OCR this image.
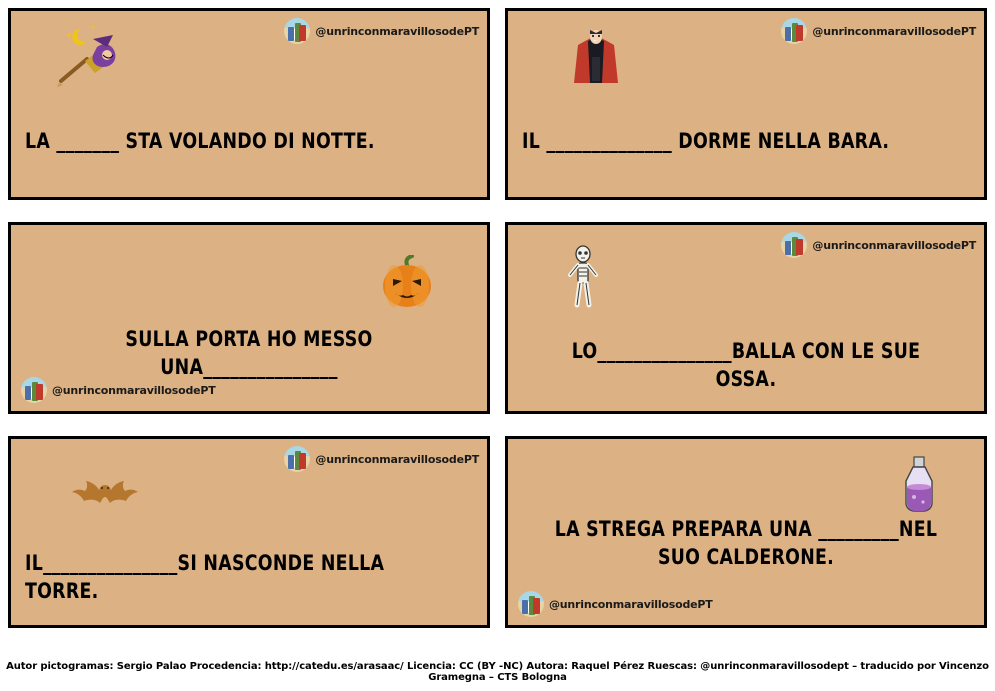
@unrinconmaravillosodePT
LA _______ STA VOLANDO DI NOTTE.
@unrinconmaravillosodePT
IL ______________ DORME NELLA BARA.
@unrinconmaravillosodePT
SULLA PORTA HO MESSO UNA_______________
@unrinconmaravillosodePT
LO_______________BALLA CON LE SUE OSSA.
@unrinconmaravillosodePT
IL_______________SI NASCONDE NELLA TORRE.
@unrinconmaravillosodePT
LA STREGA PREPARA UNA _________NEL SUO CALDERONE.
Autor pictogramas: Sergio Palao Procedencia: http://catedu.es/arasaac/ Licencia: CC (BY -NC) Autora: Raquel Pérez Ruescas: @unrinconmaravillosodept – traducido por Vincenzo Gramegna – CTS Bologna
